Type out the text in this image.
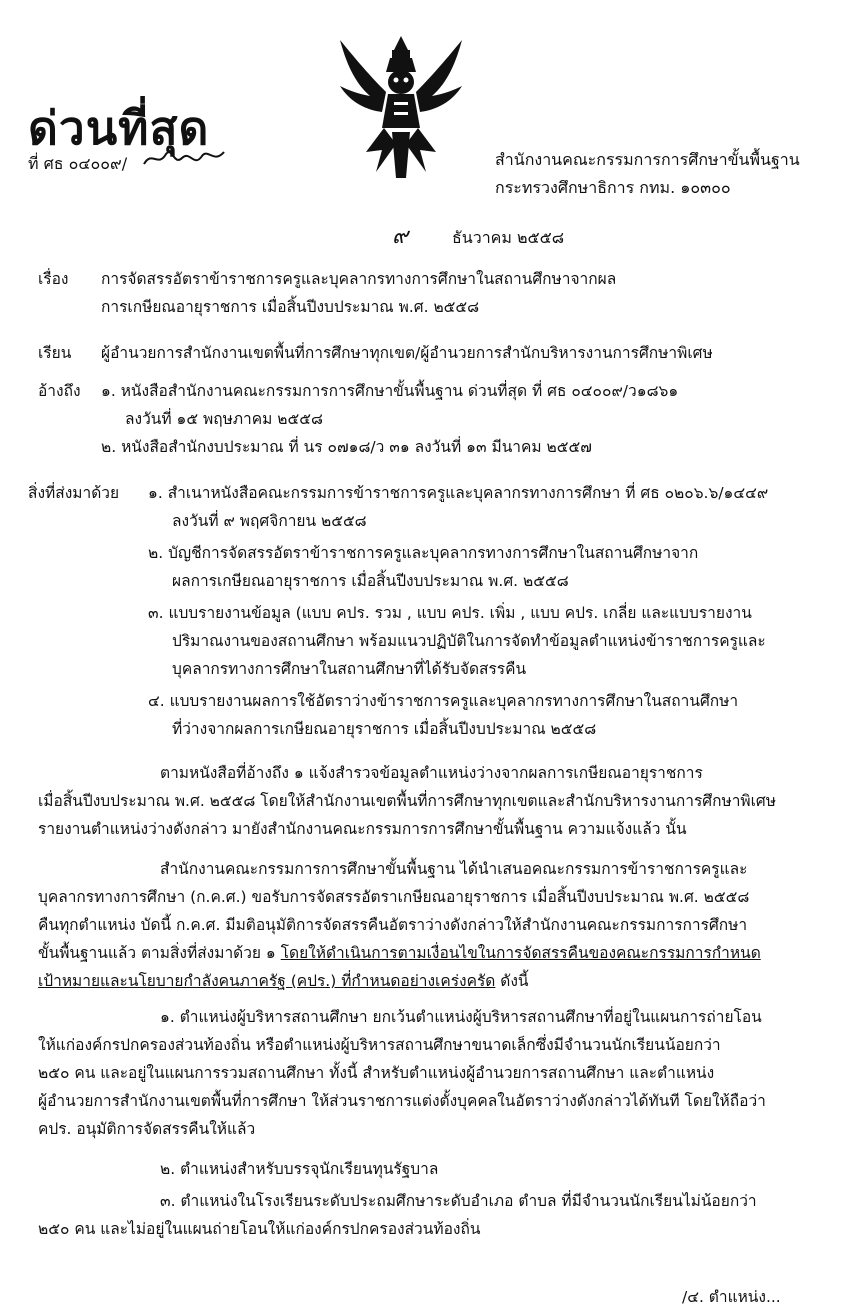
ด่วนที่สุด
ที่ ศธ ๐๔๐๐๙/	สำนักงานคณะกรรมการการศึกษาขั้นพื้นฐาน
กระทรวงศึกษาธิการ กทม. ๑๐๓๐๐
๙	ธันวาคม ๒๕๕๘
เรื่อง การจัดสรรอัตราข้าราชการครูและบุคลากรทางการศึกษาในสถานศึกษาจากผล
การเกษียณอายุราชการ เมื่อสิ้นปีงบประมาณ พ.ศ. ๒๕๕๘
เรียน ผู้อำนวยการสำนักงานเขตพื้นที่การศึกษาทุกเขต/ผู้อำนวยการสำนักบริหารงานการศึกษาพิเศษ
อ้างถึง ๑. หนังสือสำนักงานคณะกรรมการการศึกษาขั้นพื้นฐาน ด่วนที่สุด ที่ ศธ ๐๔๐๐๙/ว๑๘๖๑
ลงวันที่ ๑๕ พฤษภาคม ๒๕๕๘
๒. หนังสือสำนักงบประมาณ ที่ นร ๐๗๑๘/ว ๓๑ ลงวันที่ ๑๓ มีนาคม ๒๕๕๗
สิ่งที่ส่งมาด้วย ๑. สำเนาหนังสือคณะกรรมการข้าราชการครูและบุคลากรทางการศึกษา ที่ ศธ ๐๒๐๖.๖/๑๔๔๙
ลงวันที่ ๙ พฤศจิกายน ๒๕๕๘
๒. บัญชีการจัดสรรอัตราข้าราชการครูและบุคลากรทางการศึกษาในสถานศึกษาจาก
ผลการเกษียณอายุราชการ เมื่อสิ้นปีงบประมาณ พ.ศ. ๒๕๕๘
๓. แบบรายงานข้อมูล (แบบ คปร. รวม , แบบ คปร. เพิ่ม , แบบ คปร. เกลี่ย และแบบรายงาน
ปริมาณงานของสถานศึกษา พร้อมแนวปฏิบัติในการจัดทำข้อมูลตำแหน่งข้าราชการครูและ
บุคลากรทางการศึกษาในสถานศึกษาที่ได้รับจัดสรรคืน
๔. แบบรายงานผลการใช้อัตราว่างข้าราชการครูและบุคลากรทางการศึกษาในสถานศึกษา
ที่ว่างจากผลการเกษียณอายุราชการ เมื่อสิ้นปีงบประมาณ ๒๕๕๘
ตามหนังสือที่อ้างถึง ๑ แจ้งสำรวจข้อมูลตำแหน่งว่างจากผลการเกษียณอายุราชการ
เมื่อสิ้นปีงบประมาณ พ.ศ. ๒๕๕๘ โดยให้สำนักงานเขตพื้นที่การศึกษาทุกเขตและสำนักบริหารงานการศึกษาพิเศษ
รายงานตำแหน่งว่างดังกล่าว มายังสำนักงานคณะกรรมการการศึกษาขั้นพื้นฐาน ความแจ้งแล้ว นั้น
สำนักงานคณะกรรมการการศึกษาขั้นพื้นฐาน ได้นำเสนอคณะกรรมการข้าราชการครูและ
บุคลากรทางการศึกษา (ก.ค.ศ.) ขอรับการจัดสรรอัตราเกษียณอายุราชการ เมื่อสิ้นปีงบประมาณ พ.ศ. ๒๕๕๘
คืนทุกตำแหน่ง บัดนี้ ก.ค.ศ. มีมติอนุมัติการจัดสรรคืนอัตราว่างดังกล่าวให้สำนักงานคณะกรรมการการศึกษา
ขั้นพื้นฐานแล้ว ตามสิ่งที่ส่งมาด้วย ๑ โดยให้ดำเนินการตามเงื่อนไขในการจัดสรรคืนของคณะกรรมการกำหนด
เป้าหมายและนโยบายกำลังคนภาครัฐ (คปร.) ที่กำหนดอย่างเคร่งครัด ดังนี้
๑. ตำแหน่งผู้บริหารสถานศึกษา ยกเว้นตำแหน่งผู้บริหารสถานศึกษาที่อยู่ในแผนการถ่ายโอน
ให้แก่องค์กรปกครองส่วนท้องถิ่น หรือตำแหน่งผู้บริหารสถานศึกษาขนาดเล็กซึ่งมีจำนวนนักเรียนน้อยกว่า
๒๕๐ คน และอยู่ในแผนการรวมสถานศึกษา ทั้งนี้ สำหรับตำแหน่งผู้อำนวยการสถานศึกษา และตำแหน่ง
ผู้อำนวยการสำนักงานเขตพื้นที่การศึกษา ให้ส่วนราชการแต่งตั้งบุคคลในอัตราว่างดังกล่าวได้ทันที โดยให้ถือว่า
คปร. อนุมัติการจัดสรรคืนให้แล้ว
๒. ตำแหน่งสำหรับบรรจุนักเรียนทุนรัฐบาล
๓. ตำแหน่งในโรงเรียนระดับประถมศึกษาระดับอำเภอ ตำบล ที่มีจำนวนนักเรียนไม่น้อยกว่า
๒๕๐ คน และไม่อยู่ในแผนถ่ายโอนให้แก่องค์กรปกครองส่วนท้องถิ่น
/๔. ตำแหน่ง...
